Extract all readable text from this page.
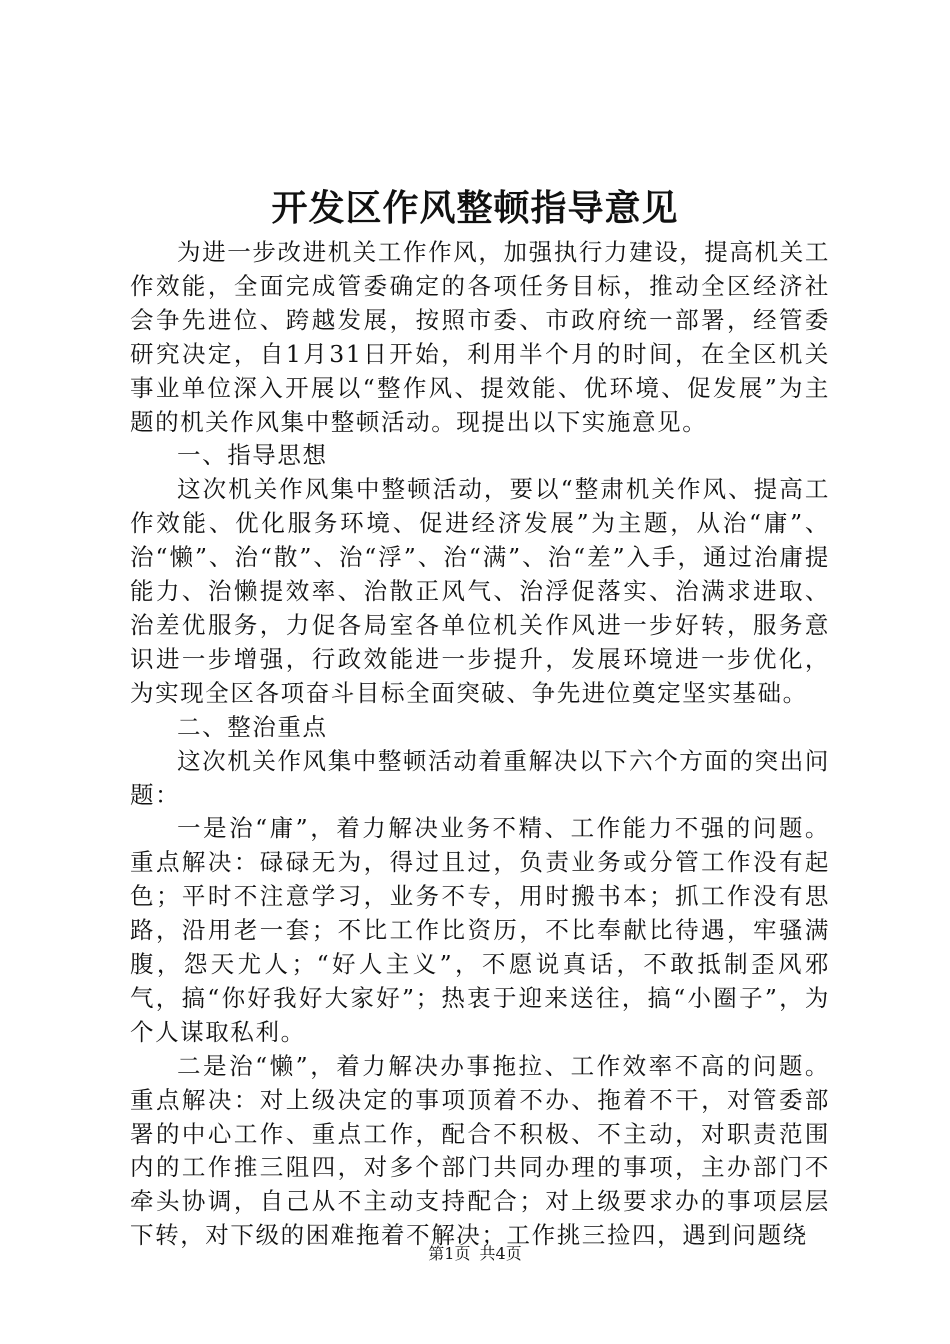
开发区作风整顿指导意见

为进一步改进机关工作作风，加强执行力建设，提高机关工作效能，全面完成管委确定的各项任务目标，推动全区经济社会争先进位、跨越发展，按照市委、市政府统一部署，经管委研究决定，自1月31日开始，利用半个月的时间，在全区机关事业单位深入开展以“整作风、提效能、优环境、促发展”为主题的机关作风集中整顿活动。现提出以下实施意见。

一、指导思想

这次机关作风集中整顿活动，要以“整肃机关作风、提高工作效能、优化服务环境、促进经济发展”为主题，从治“庸”、治“懒”、治“散”、治“浮”、治“满”、治“差”入手，通过治庸提能力、治懒提效率、治散正风气、治浮促落实、治满求进取、治差优服务，力促各局室各单位机关作风进一步好转，服务意识进一步增强，行政效能进一步提升，发展环境进一步优化，为实现全区各项奋斗目标全面突破、争先进位奠定坚实基础。

二、整治重点

这次机关作风集中整顿活动着重解决以下六个方面的突出问题：

一是治“庸”，着力解决业务不精、工作能力不强的问题。重点解决：碌碌无为，得过且过，负责业务或分管工作没有起色；平时不注意学习，业务不专，用时搬书本；抓工作没有思路，沿用老一套；不比工作比资历，不比奉献比待遇，牢骚满腹，怨天尤人；“好人主义”，不愿说真话，不敢抵制歪风邪气，搞“你好我好大家好”；热衷于迎来送往，搞“小圈子”，为个人谋取私利。

二是治“懒”，着力解决办事拖拉、工作效率不高的问题。重点解决：对上级决定的事项顶着不办、拖着不干，对管委部署的中心工作、重点工作，配合不积极、不主动，对职责范围内的工作推三阻四，对多个部门共同办理的事项，主办部门不牵头协调，自己从不主动支持配合；对上级要求办的事项层层下转，对下级的困难拖着不解决；工作挑三捡四，遇到问题绕

第1页 共4页
